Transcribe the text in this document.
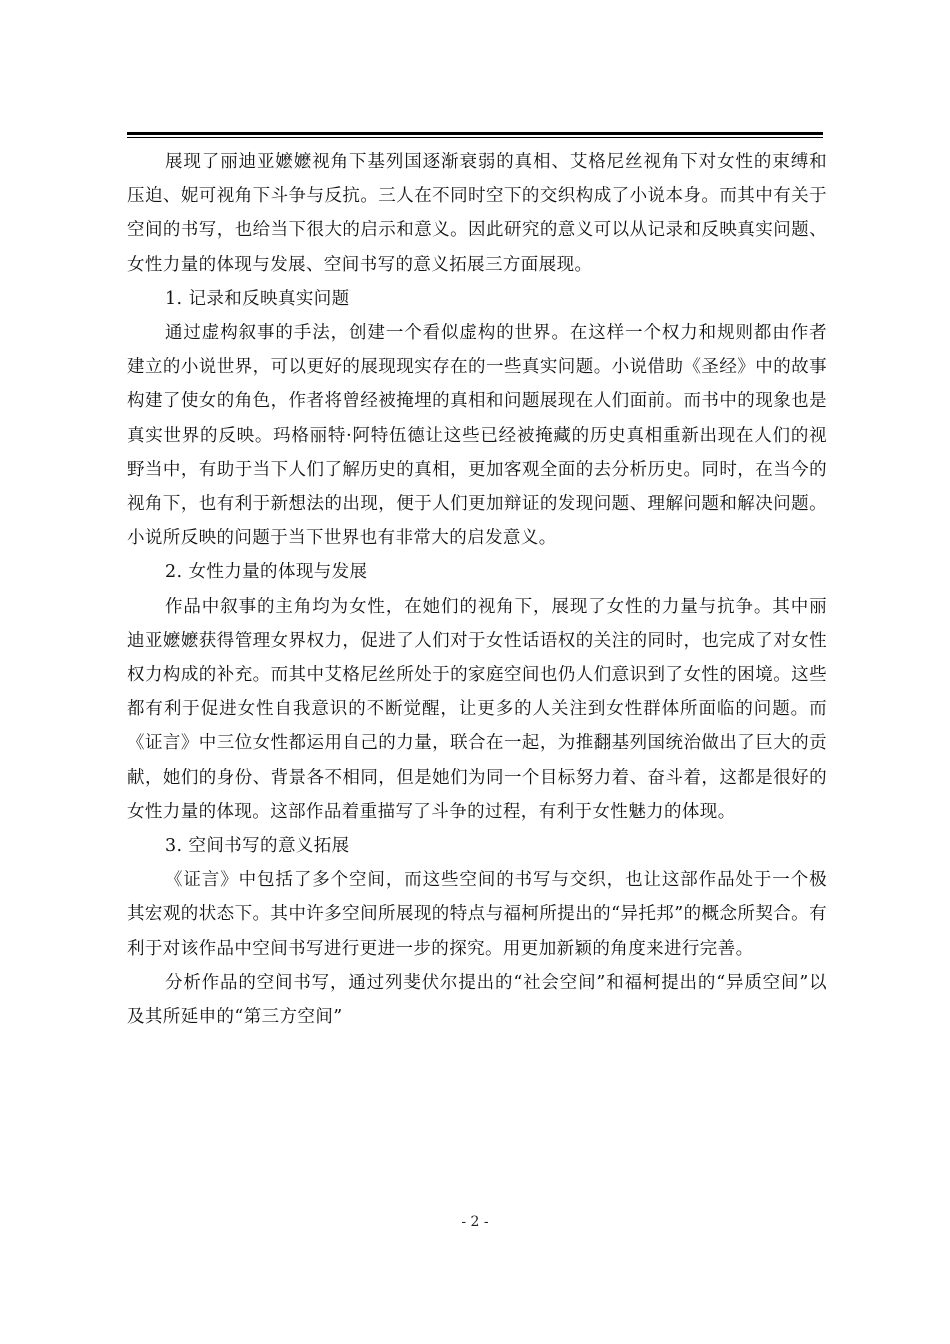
展现了丽迪亚嬷嬷视角下基列国逐渐衰弱的真相、艾格尼丝视角下对女性的束缚和压迫、妮可视角下斗争与反抗。三人在不同时空下的交织构成了小说本身。而其中有关于空间的书写，也给当下很大的启示和意义。因此研究的意义可以从记录和反映真实问题、女性力量的体现与发展、空间书写的意义拓展三方面展现。

1. 记录和反映真实问题

通过虚构叙事的手法，创建一个看似虚构的世界。在这样一个权力和规则都由作者建立的小说世界，可以更好的展现现实存在的一些真实问题。小说借助《圣经》中的故事构建了使女的角色，作者将曾经被掩埋的真相和问题展现在人们面前。而书中的现象也是真实世界的反映。玛格丽特·阿特伍德让这些已经被掩藏的历史真相重新出现在人们的视野当中，有助于当下人们了解历史的真相，更加客观全面的去分析历史。同时，在当今的视角下，也有利于新想法的出现，便于人们更加辩证的发现问题、理解问题和解决问题。小说所反映的问题于当下世界也有非常大的启发意义。

2. 女性力量的体现与发展

作品中叙事的主角均为女性，在她们的视角下，展现了女性的力量与抗争。其中丽迪亚嬷嬷获得管理女界权力，促进了人们对于女性话语权的关注的同时，也完成了对女性权力构成的补充。而其中艾格尼丝所处于的家庭空间也仍人们意识到了女性的困境。这些都有利于促进女性自我意识的不断觉醒，让更多的人关注到女性群体所面临的问题。而《证言》中三位女性都运用自己的力量，联合在一起，为推翻基列国统治做出了巨大的贡献，她们的身份、背景各不相同，但是她们为同一个目标努力着、奋斗着，这都是很好的女性力量的体现。这部作品着重描写了斗争的过程，有利于女性魅力的体现。

3. 空间书写的意义拓展

《证言》中包括了多个空间，而这些空间的书写与交织，也让这部作品处于一个极其宏观的状态下。其中许多空间所展现的特点与福柯所提出的“异托邦”的概念所契合。有利于对该作品中空间书写进行更进一步的探究。用更加新颖的角度来进行完善。

分析作品的空间书写，通过列斐伏尔提出的“社会空间”和福柯提出的“异质空间”以及其所延申的“第三方空间”

- 2 -
